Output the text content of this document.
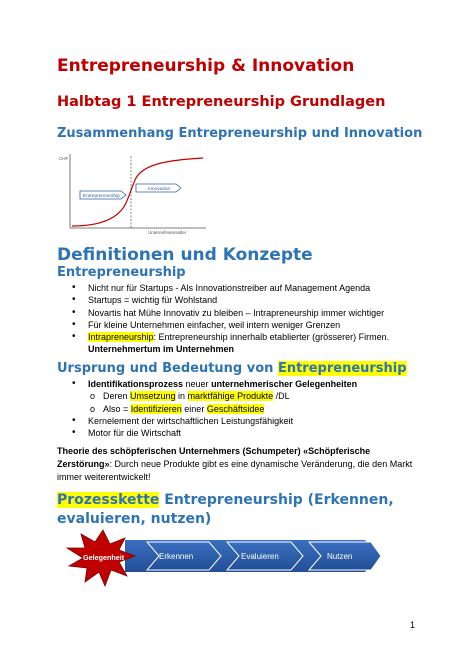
Entrepreneurship & Innovation
Halbtag 1 Entrepreneurship Grundlagen
Zusammenhang Entrepreneurship und Innovation
CHF
Unternehmensalter
Innovation
Entrepreneurship
Definitionen und Konzepte
Entrepreneurship
• Nicht nur für Startups - Als Innovationstreiber auf Management Agenda
• Startups = wichtig für Wohlstand
• Novartis hat Mühe Innovativ zu bleiben – Intrapreneurship immer wichtiger
• Für kleine Unternehmen einfacher, weil intern weniger Grenzen
• Intrapreneurship: Entrepreneurship innerhalb etablierter (grösserer) Firmen.
Unternehmertum im Unternehmen
Ursprung und Bedeutung von Entrepreneurship
• Identifikationsprozess neuer unternehmerischer Gelegenheiten
o Deren Umsetzung in marktfähige Produkte /DL
o Also = Identifizieren einer Geschäftsidee
• Kernelement der wirtschaftlichen Leistungsfähigkeit
• Motor für die Wirtschaft
Theorie des schöpferischen Unternehmers (Schumpeter) «Schöpferische Zerstörung»: Durch neue Produkte gibt es eine dynamische Veränderung, die den Markt immer weiterentwickelt!
Prozesskette Entrepreneurship (Erkennen, evaluieren, nutzen)
Erkennen	Evaluieren	Nutzen
Gelegenheit
1
